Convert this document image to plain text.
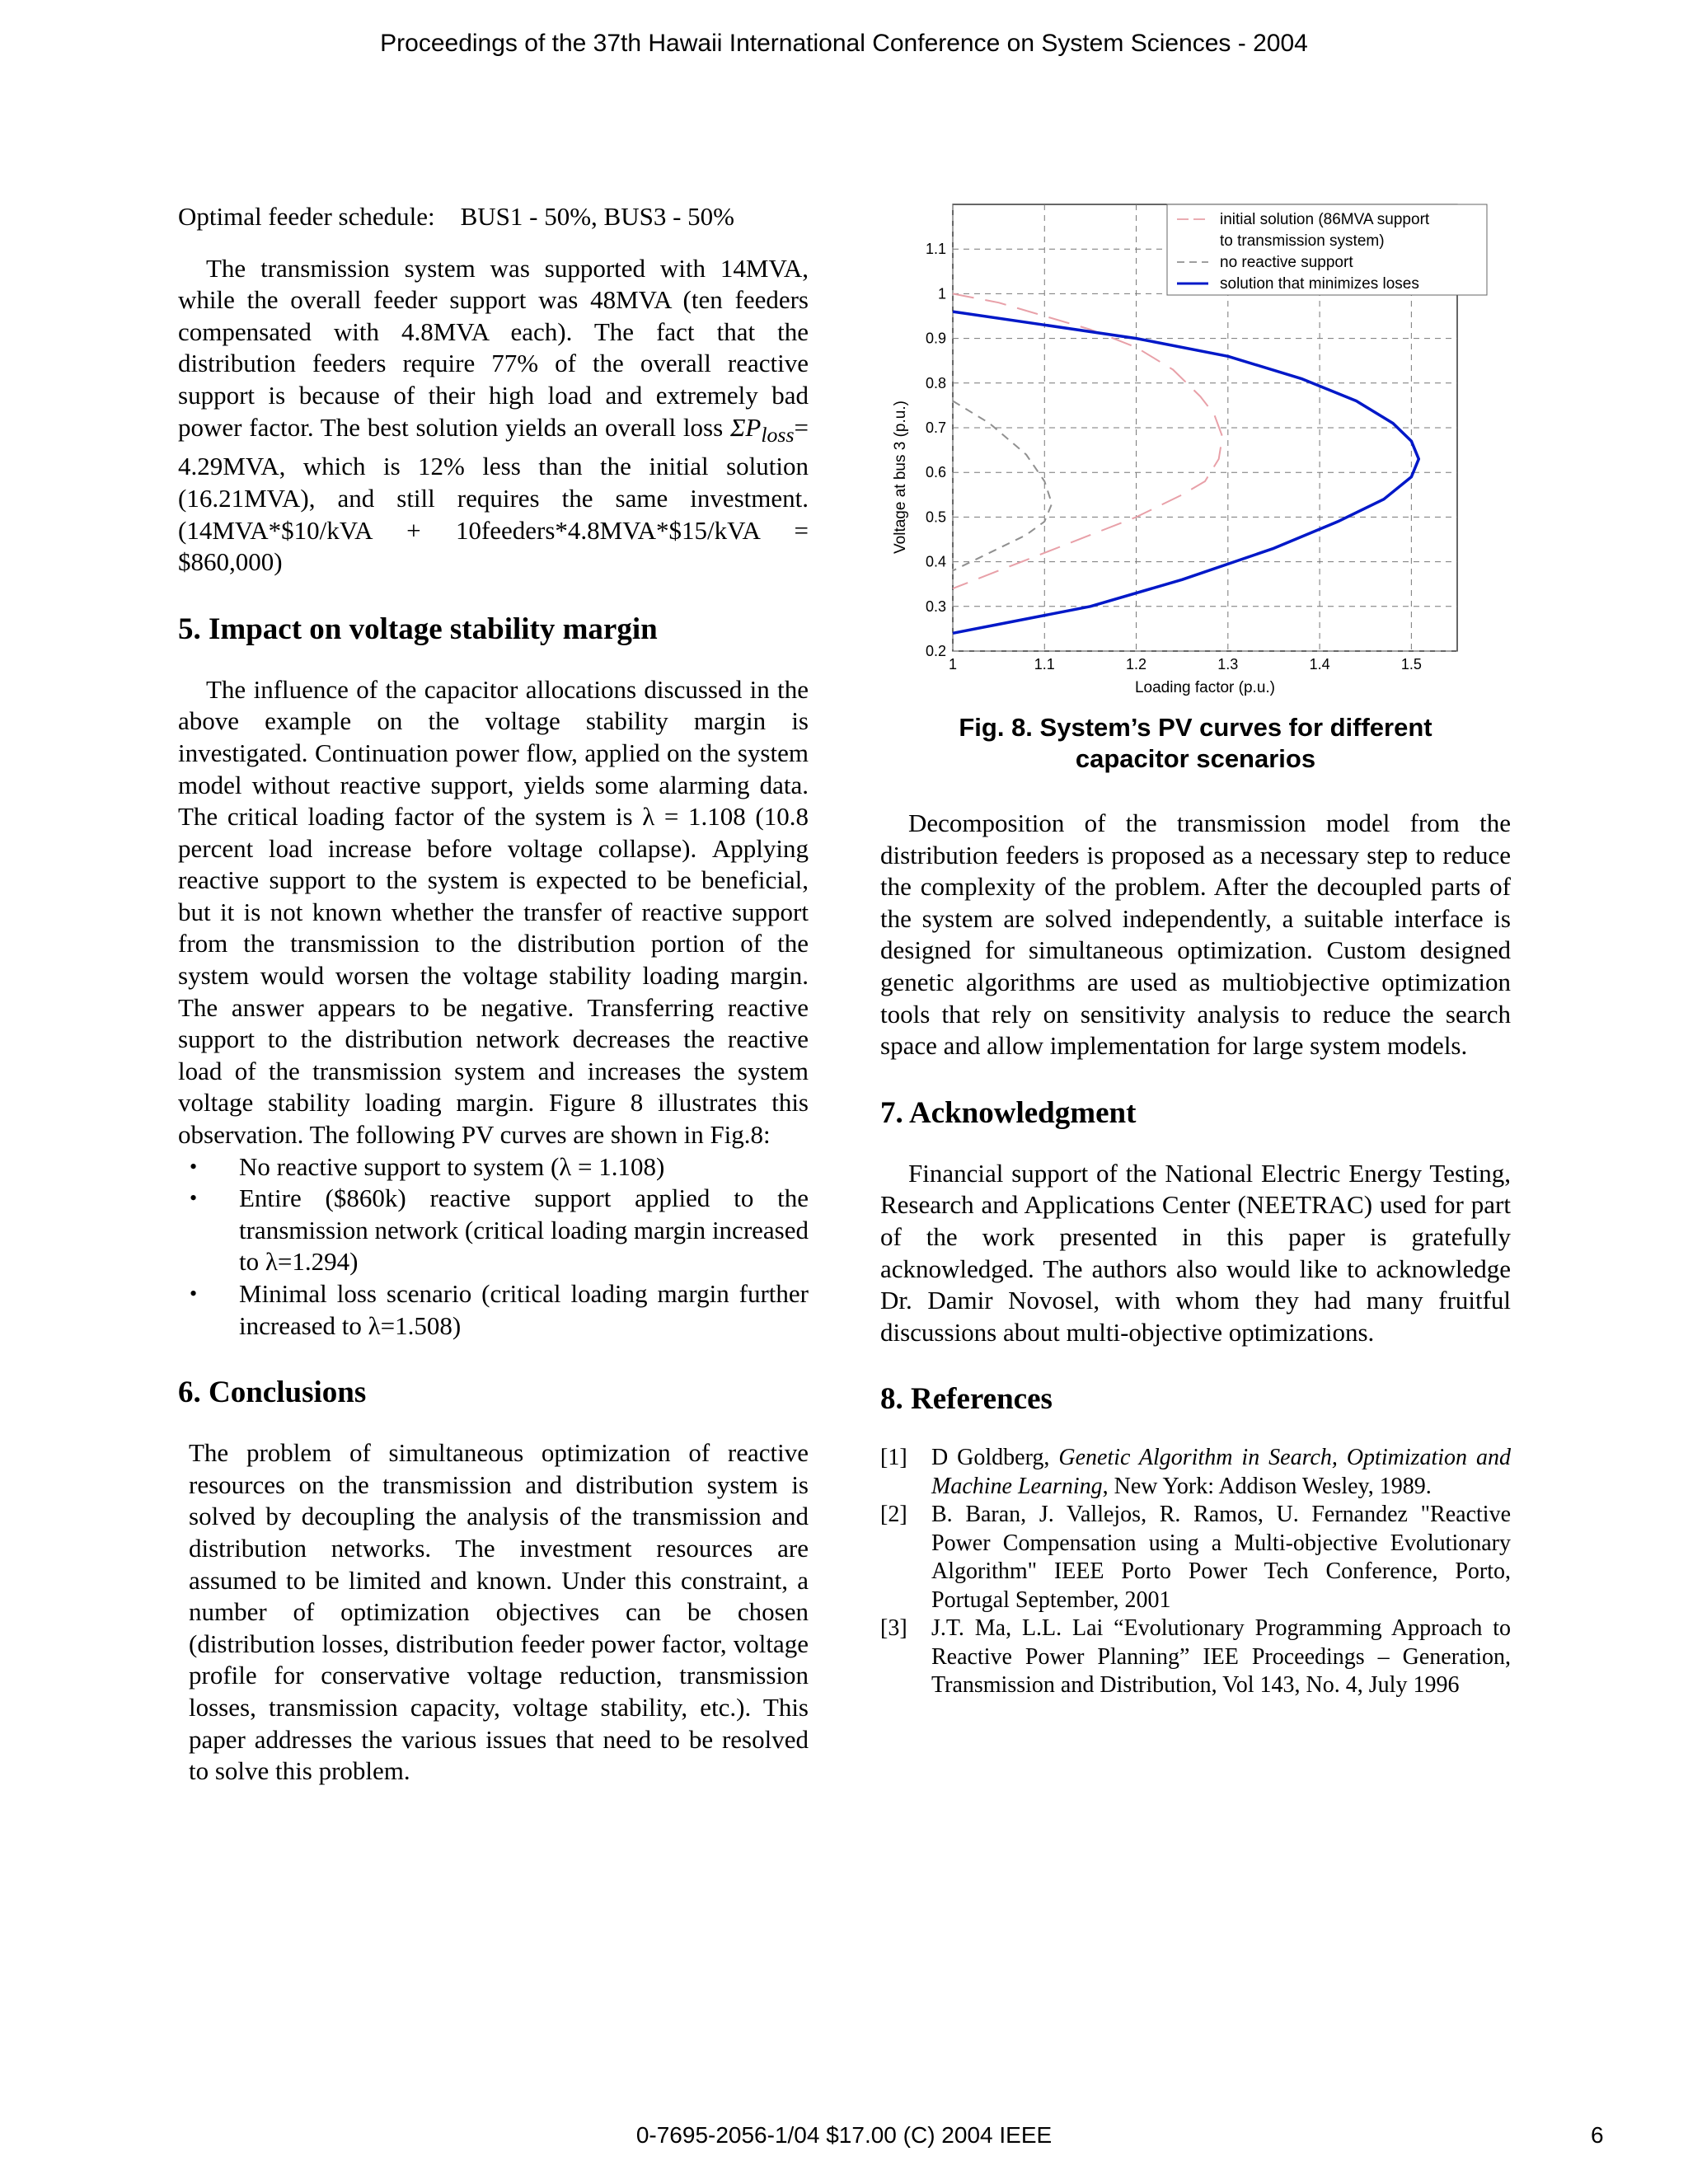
Proceedings of the 37th Hawaii International Conference on System Sciences - 2004

Optimal feeder schedule:    BUS1 - 50%, BUS3 - 50%

The transmission system was supported with 14MVA, while the overall feeder support was 48MVA (ten feeders compensated with 4.8MVA each). The fact that the distribution feeders require 77% of the overall reactive support is because of their high load and extremely bad power factor. The best solution yields an overall loss $\Sigma P_{loss}= 4.29MVA$, which is 12% less than the initial solution (16.21MVA), and still requires the same investment. (14MVA*$10/kVA + 10feeders*4.8MVA*$15/kVA = $860,000)

5. Impact on voltage stability margin

The influence of the capacitor allocations discussed in the above example on the voltage stability margin is investigated. Continuation power flow, applied on the system model without reactive support, yields some alarming data. The critical loading factor of the system is λ = 1.108 (10.8 percent load increase before voltage collapse). Applying reactive support to the system is expected to be beneficial, but it is not known whether the transfer of reactive support from the transmission to the distribution portion of the system would worsen the voltage stability loading margin. The answer appears to be negative. Transferring reactive support to the distribution network decreases the reactive load of the transmission system and increases the system voltage stability loading margin. Figure 8 illustrates this observation. The following PV curves are shown in Fig.8:

• No reactive support to system (λ = 1.108)
• Entire ($860k) reactive support applied to the transmission network (critical loading margin increased to λ=1.294)
• Minimal loss scenario (critical loading margin further increased to λ=1.508)
6. Conclusions

The problem of simultaneous optimization of reactive resources on the transmission and distribution system is solved by decoupling the analysis of the transmission and distribution networks. The investment resources are assumed to be limited and known. Under this constraint, a number of optimization objectives can be chosen (distribution losses, distribution feeder power factor, voltage profile for conservative voltage reduction, transmission losses, transmission capacity, voltage stability, etc.). This paper addresses the various issues that need to be resolved to solve this problem.

1	1.1	1.2	1.3	1.4	1.5
0.2
0.3
0.4
0.5
0.6
0.7
0.8
0.9
1
1.1
Loading factor (p.u.)
Voltage at bus 3 (p.u.)
initial solution (86MVA support
to transmission system)
no reactive support
solution that minimizes loses
Fig. 8. System’s PV curves for different
capacitor scenarios

Decomposition of the transmission model from the distribution feeders is proposed as a necessary step to reduce the complexity of the problem. After the decoupled parts of the system are solved independently, a suitable interface is designed for simultaneous optimization. Custom designed genetic algorithms are used as multiobjective optimization tools that rely on sensitivity analysis to reduce the search space and allow implementation for large system models.

7. Acknowledgment

Financial support of the National Electric Energy Testing, Research and Applications Center (NEETRAC) used for part of the work presented in this paper is gratefully acknowledged. The authors also would like to acknowledge Dr. Damir Novosel, with whom they had many fruitful discussions about multi-objective optimizations.

8. References
[1] D Goldberg, Genetic Algorithm in Search, Optimization and Machine Learning, New York: Addison Wesley, 1989.
[2] B. Baran, J. Vallejos, R. Ramos, U. Fernandez "Reactive Power Compensation using a Multi-objective Evolutionary Algorithm" IEEE Porto Power Tech Conference, Porto, Portugal September, 2001
[3] J.T. Ma, L.L. Lai “Evolutionary Programming Approach to Reactive Power Planning” IEE Proceedings – Generation, Transmission and Distribution, Vol 143, No. 4, July 1996
0-7695-2056-1/04 $17.00 (C) 2004 IEEE	6
